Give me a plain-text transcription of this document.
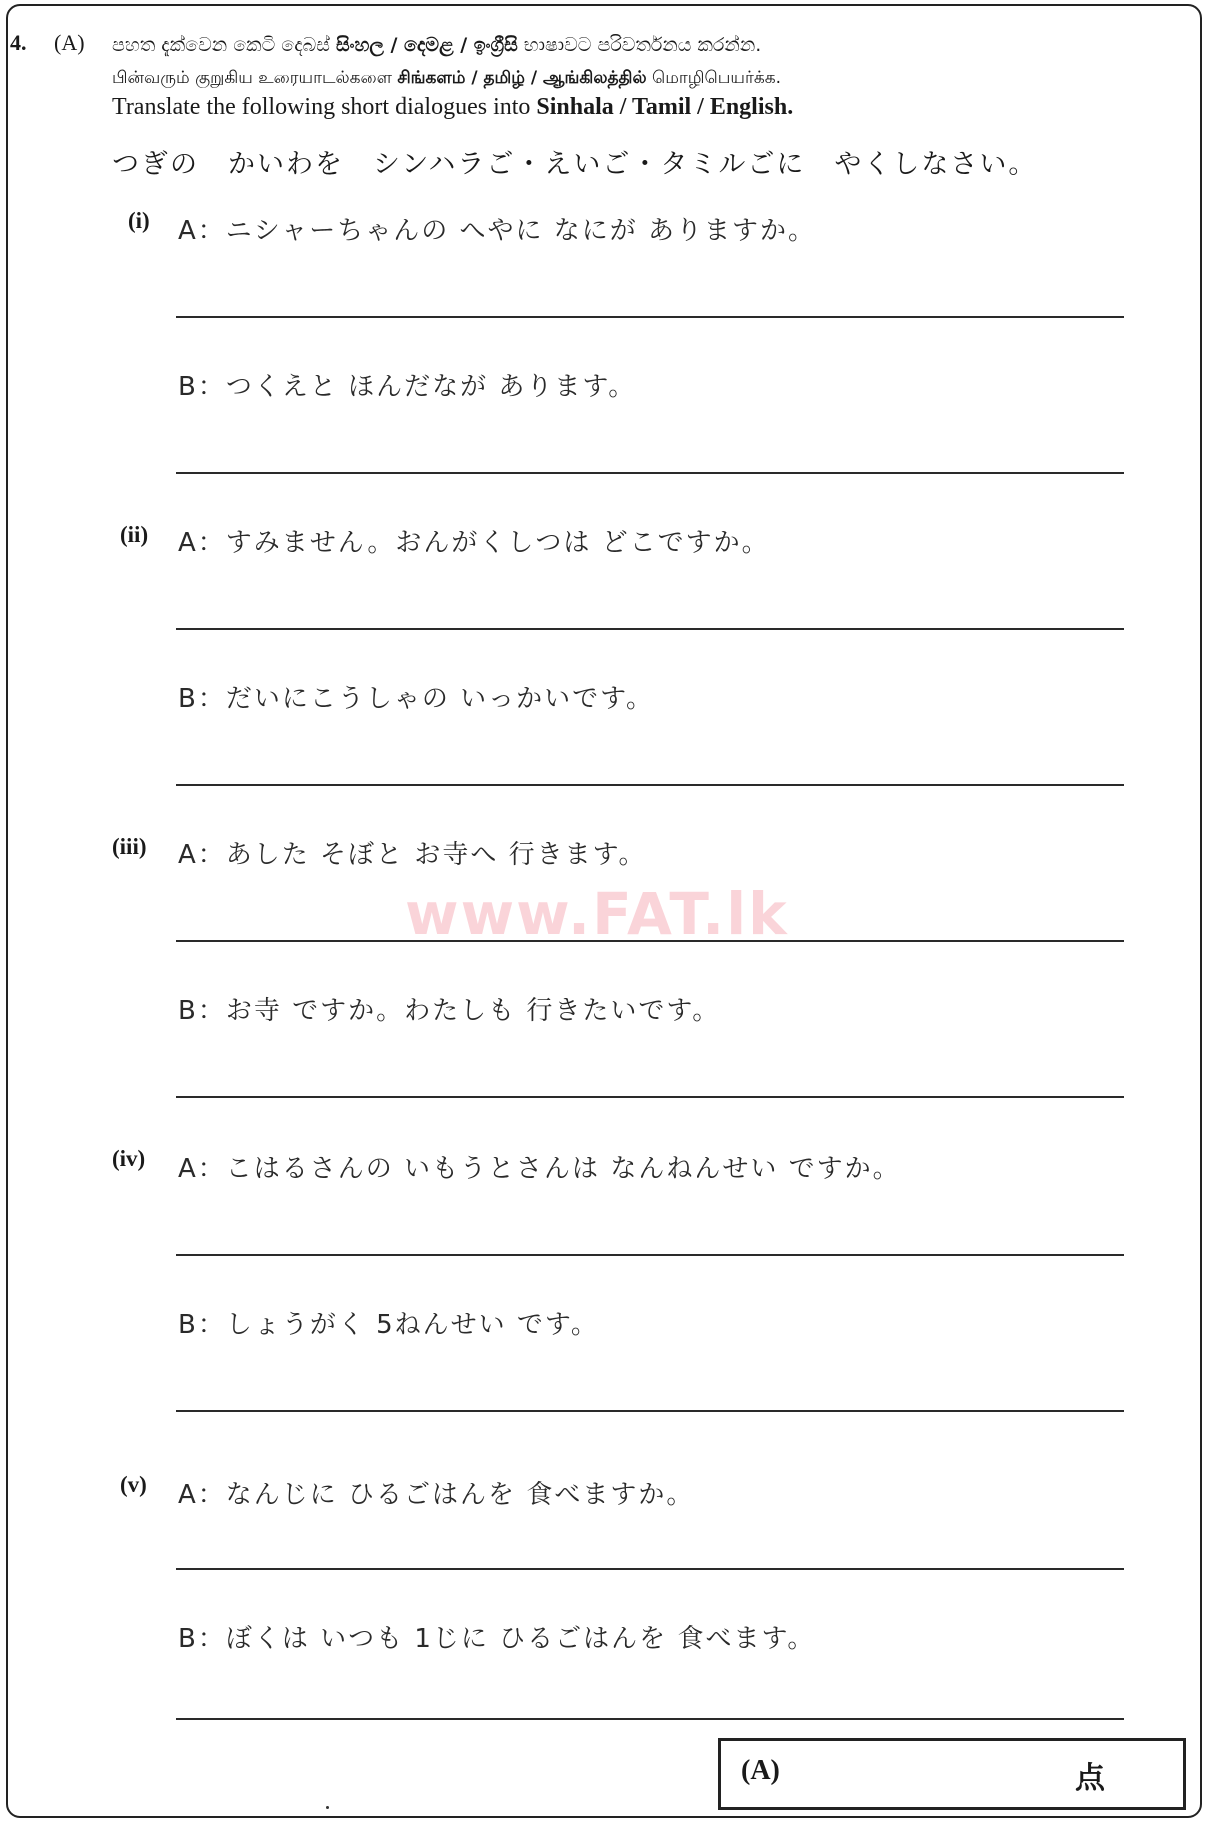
4. (A) පහත දැක්වෙන කෙටි දෙබස් සිංහල / දෙමළ / ඉංග්‍රීසි භාෂාවට පරිවර්තනය කරන්න.
பின்வரும் குறுகிய உரையாடல்களை சிங்களம் / தமிழ் / ஆங்கிலத்தில் மொழிபெயர்க்க.
Translate the following short dialogues into Sinhala / Tamil / English.
つぎの　かいわを　シンハラご・えいご・タミルごに　やくしなさい。
(i) A：ニシャーちゃんの へやに なにが ありますか。
B：つくえと ほんだなが あります。
(ii) A：すみません。おんがくしつは どこですか。
B：だいにこうしゃの いっかいです。
(iii) A：あした そぼと お寺へ 行きます。
B：お寺 ですか。わたしも 行きたいです。
(iv) A：こはるさんの いもうとさんは なんねんせい ですか。
B：しょうがく 5ねんせい です。
(v) A：なんじに ひるごはんを 食べますか。
B：ぼくは いつも 1じに ひるごはんを 食べます。
www.FAT.lk
(A)	点
